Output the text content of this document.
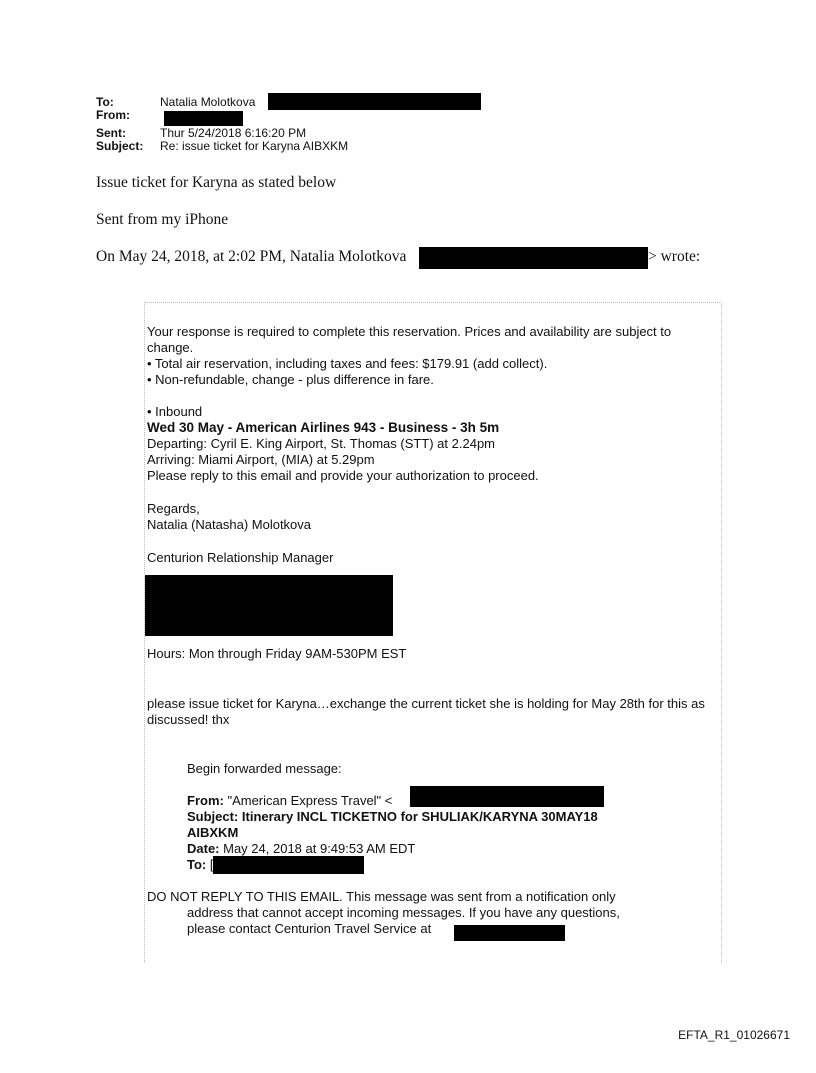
To:	Natalia Molotkova
From:
Sent:	Thur 5/24/2018 6:16:20 PM
Subject: Re: issue ticket for Karyna AIBXKM
Issue ticket for Karyna as stated below
Sent from my iPhone
On May 24, 2018, at 2:02 PM, Natalia Molotkova	> wrote:
Your response is required to complete this reservation. Prices and availability are subject to change.
• Total air reservation, including taxes and fees: $179.91 (add collect).
• Non-refundable, change - plus difference in fare.
• Inbound
Wed 30 May - American Airlines 943 - Business - 3h 5m
Departing: Cyril E. King Airport, St. Thomas (STT) at 2.24pm
Arriving: Miami Airport, (MIA) at 5.29pm
Please reply to this email and provide your authorization to proceed.
Regards,
Natalia (Natasha) Molotkova
Centurion Relationship Manager
Hours: Mon through Friday 9AM-530PM EST
please issue ticket for Karyna…exchange the current ticket she is holding for May 28th for this as discussed! thx
Begin forwarded message:
From: "American Express Travel" <
Subject: Itinerary INCL TICKETNO for SHULIAK/KARYNA 30MAY18
AIBXKM
Date: May 24, 2018 at 9:49:53 AM EDT
To: [
DO NOT REPLY TO THIS EMAIL. This message was sent from a notification only
address that cannot accept incoming messages. If you have any questions,
please contact Centurion Travel Service at
EFTA_R1_01026671
